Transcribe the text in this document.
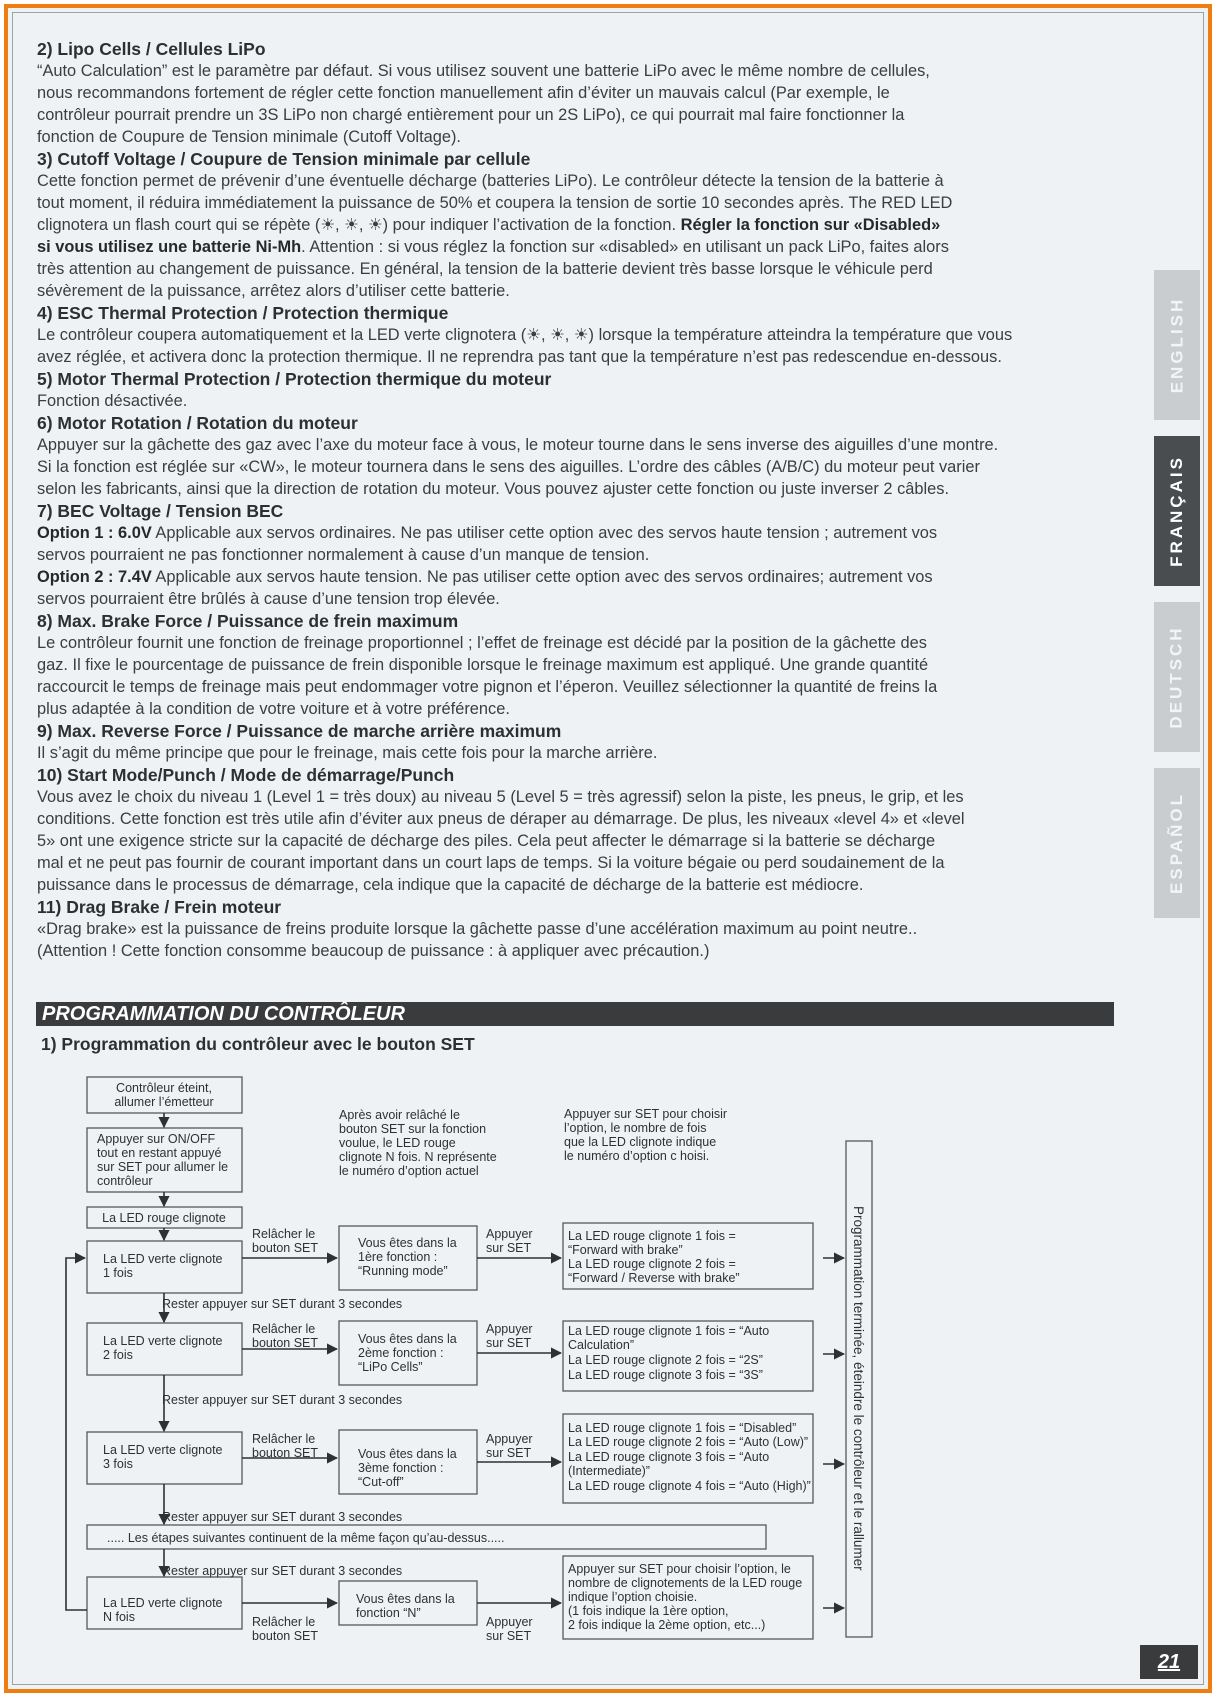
2) Lipo Cells / Cellules LiPo

“Auto Calculation” est le paramètre par défaut. Si vous utilisez souvent une batterie LiPo avec le même nombre de cellules,

nous recommandons fortement de régler cette fonction manuellement afin d’éviter un mauvais calcul (Par exemple, le

contrôleur pourrait prendre un 3S LiPo non chargé entièrement pour un 2S LiPo), ce qui pourrait mal faire fonctionner la

fonction de Coupure de Tension minimale (Cutoff Voltage).

3) Cutoff Voltage / Coupure de Tension minimale par cellule

Cette fonction permet de prévenir d’une éventuelle décharge (batteries LiPo). Le contrôleur détecte la tension de la batterie à

tout moment, il réduira immédiatement la puissance de 50% et coupera la tension de sortie 10 secondes après. The RED LED

clignotera un flash court qui se répète (☀, ☀, ☀) pour indiquer l’activation de la fonction. Régler la fonction sur «Disabled»

si vous utilisez une batterie Ni-Mh. Attention : si vous réglez la fonction sur «disabled» en utilisant un pack LiPo, faites alors

très attention au changement de puissance. En général, la tension de la batterie devient très basse lorsque le véhicule perd

sévèrement de la puissance, arrêtez alors d’utiliser cette batterie.

4) ESC Thermal Protection / Protection thermique

Le contrôleur coupera automatiquement et la LED verte clignotera (☀, ☀, ☀) lorsque la température atteindra la température que vous

avez réglée, et activera donc la protection thermique. Il ne reprendra pas tant que la température n’est pas redescendue en-dessous.

5) Motor Thermal Protection / Protection thermique du moteur

Fonction désactivée.

6) Motor Rotation / Rotation du moteur

Appuyer sur la gâchette des gaz avec l’axe du moteur face à vous, le moteur tourne dans le sens inverse des aiguilles d’une montre.

Si la fonction est réglée sur «CW», le moteur tournera dans le sens des aiguilles. L’ordre des câbles (A/B/C) du moteur peut varier

selon les fabricants, ainsi que la direction de rotation du moteur. Vous pouvez ajuster cette fonction ou juste inverser 2 câbles.

7) BEC Voltage / Tension BEC

Option 1 : 6.0V Applicable aux servos ordinaires. Ne pas utiliser cette option avec des servos haute tension ; autrement vos

servos pourraient ne pas fonctionner normalement à cause d’un manque de tension.

Option 2 : 7.4V Applicable aux servos haute tension. Ne pas utiliser cette option avec des servos ordinaires; autrement vos

servos pourraient être brûlés à cause d’une tension trop élevée.

8) Max. Brake Force / Puissance de frein maximum

Le contrôleur fournit une fonction de freinage proportionnel ; l’effet de freinage est décidé par la position de la gâchette des

gaz. Il fixe le pourcentage de puissance de frein disponible lorsque le freinage maximum est appliqué. Une grande quantité

raccourcit le temps de freinage mais peut endommager votre pignon et l’éperon. Veuillez sélectionner la quantité de freins la

plus adaptée à la condition de votre voiture et à votre préférence.

9) Max. Reverse Force / Puissance de marche arrière maximum

Il s’agit du même principe que pour le freinage, mais cette fois pour la marche arrière.

10) Start Mode/Punch / Mode de démarrage/Punch

Vous avez le choix du niveau 1 (Level 1 = très doux) au niveau 5 (Level 5 = très agressif) selon la piste, les pneus, le grip, et les

conditions. Cette fonction est très utile afin d’éviter aux pneus de déraper au démarrage. De plus, les niveaux «level 4» et «level

5» ont une exigence stricte sur la capacité de décharge des piles. Cela peut affecter le démarrage si la batterie se décharge

mal et ne peut pas fournir de courant important dans un court laps de temps. Si la voiture bégaie ou perd soudainement de la

puissance dans le processus de démarrage, cela indique que la capacité de décharge de la batterie est médiocre.

11) Drag Brake / Frein moteur

«Drag brake» est la puissance de freins produite lorsque la gâchette passe d’une accélération maximum au point neutre..

(Attention ! Cette fonction consomme beaucoup de puissance : à appliquer avec précaution.)

ENGLISH
FRANÇAIS
DEUTSCH
ESPAÑOL
PROGRAMMATION DU CONTRÔLEUR
1) Programmation du contrôleur avec le bouton SET
Contrôleur éteint,
allumer l’émetteur
Appuyer sur ON/OFF
tout en restant appuyé
sur SET pour allumer le
contrôleur
La LED rouge clignote
Après avoir relâché le
bouton SET sur la fonction
voulue, le LED rouge
clignote N fois. N représente
le numéro d’option actuel
Appuyer sur SET pour choisir
l’option, le nombre de fois
que la LED clignote indique
le numéro d’option c hoisi.
La LED verte clignote
1 fois
La LED verte clignote
2 fois
La LED verte clignote
3 fois
La LED verte clignote
N fois
Vous êtes dans la
1ère fonction :
“Running mode”
Vous êtes dans la
2ème fonction :
“LiPo Cells”
Vous êtes dans la
3ème fonction :
“Cut-off”
Vous êtes dans la
fonction “N”
La LED rouge clignote 1 fois =
“Forward with brake”
La LED rouge clignote 2 fois =
“Forward / Reverse with brake”
La LED rouge clignote 1 fois = “Auto
Calculation”
La LED rouge clignote 2 fois = “2S”
La LED rouge clignote 3 fois = “3S”
La LED rouge clignote 1 fois = “Disabled”
La LED rouge clignote 2 fois = “Auto (Low)”
La LED rouge clignote 3 fois = “Auto
(Intermediate)”
La LED rouge clignote 4 fois = “Auto (High)”
Appuyer sur SET pour choisir l’option, le
nombre de clignotements de la LED rouge
indique l’option choisie.
(1 fois indique la 1ère option,
2 fois indique la 2ème option, etc...)
Relâcher le
bouton SET
Relâcher le
bouton SET
Relâcher le
bouton SET
Relâcher le
bouton SET
Appuyer
sur SET
Appuyer
sur SET
Appuyer
sur SET
Appuyer
sur SET
Rester appuyer sur SET durant 3 secondes
Rester appuyer sur SET durant 3 secondes
Rester appuyer sur SET durant 3 secondes
Rester appuyer sur SET durant 3 secondes
..... Les étapes suivantes continuent de la même façon qu’au-dessus.....	Programmation terminée, éteindre le contrôleur et le rallumer
21
